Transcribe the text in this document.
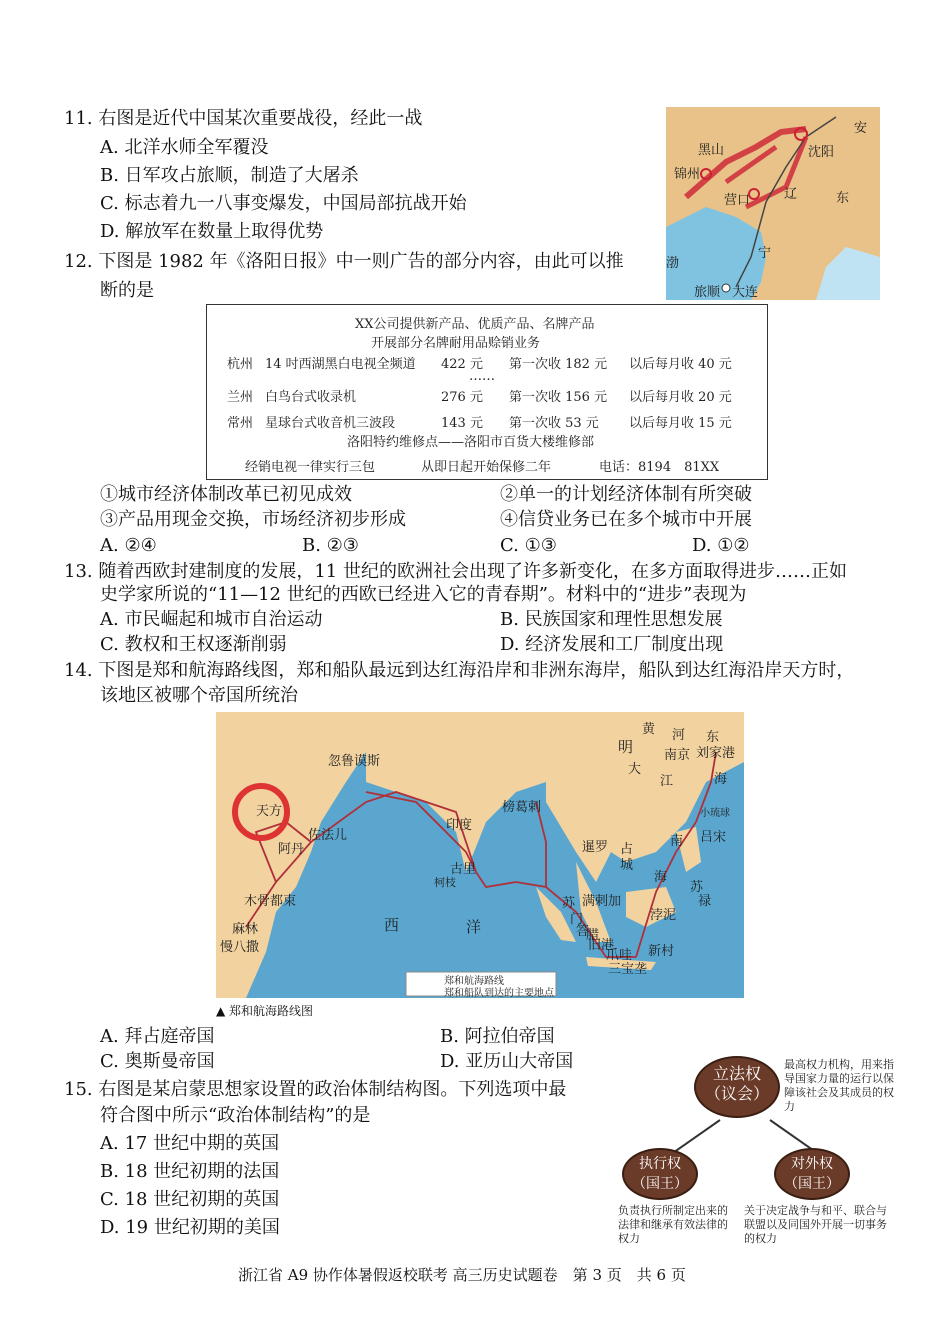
11. 右图是近代中国某次重要战役，经此一战
A. 北洋水师全军覆没
B. 日军攻占旅顺，制造了大屠杀
C. 标志着九一八事变爆发，中国局部抗战开始
D. 解放军在数量上取得优势
安
黑山	沈阳
锦州
辽	东
营口
宁
渤
旅顺 大连
12. 下图是 1982 年《洛阳日报》中一则广告的部分内容，由此可以推
断的是
XX公司提供新产品、优质产品、名牌产品
开展部分名牌耐用品赊销业务
杭州 14 吋西湖黑白电视全频道 422 元 第一次收 182 元 以后每月收 40 元
……
兰州 白鸟台式收录机	276 元 第一次收 156 元 以后每月收 20 元
常州 星球台式收音机三波段	143 元 第一次收 53 元 以后每月收 15 元
洛阳特约维修点——洛阳市百货大楼维修部
经销电视一律实行三包	从即日起开始保修二年	电话：8194　81XX
①城市经济体制改革已初见成效	②单一的计划经济体制有所突破
③产品用现金交换，市场经济初步形成	④信贷业务已在多个城市中开展
A. ②④	B. ②③	C. ①③	D. ①②
13. 随着西欧封建制度的发展，11 世纪的欧洲社会出现了许多新变化，在多方面取得进步……正如
史学家所说的“11—12 世纪的西欧已经进入它的青春期”。材料中的“进步”表现为
A. 市民崛起和城市自治运动	B. 民族国家和理性思想发展
C. 教权和王权逐渐削弱	D. 经济发展和工厂制度出现
14. 下图是郑和航海路线图，郑和船队最远到达红海沿岸和非洲东海岸，船队到达红海沿岸天方时，
该地区被哪个帝国所统治
黄 河 东
明 南京 刘家港
大
江	海
忽鲁谟斯
榜葛剌
天方
佐法儿
印度
小琉球
阿丹	暹罗 占
城
南 吕宋
古里
柯枝	海
木骨都束	苏 满剌加
苏
禄
西	洋	门
答
腊
浡泥
麻林
旧港
慢八撒
爪哇 新村
三宝垄
郑和航海路线
郑和船队到达的主要地点
▲ 郑和航海路线图
A. 拜占庭帝国	B. 阿拉伯帝国
C. 奥斯曼帝国	D. 亚历山大帝国
15. 右图是某启蒙思想家设置的政治体制结构图。下列选项中最
符合图中所示“政治体制结构”的是
A. 17 世纪中期的英国
B. 18 世纪初期的法国
C. 18 世纪初期的英国
D. 19 世纪初期的美国
立法权
（议会）
最高权力机构，用来指导国家力量的运行以保障该社会及其成员的权力
执行权
（国王）
对外权
（国王）
负责执行所制定出来的法律和继承有效法律的权力
关于决定战争与和平、联合与联盟以及同国外开展一切事务的权力
浙江省 A9 协作体暑假返校联考 高三历史试题卷　第 3 页　共 6 页
